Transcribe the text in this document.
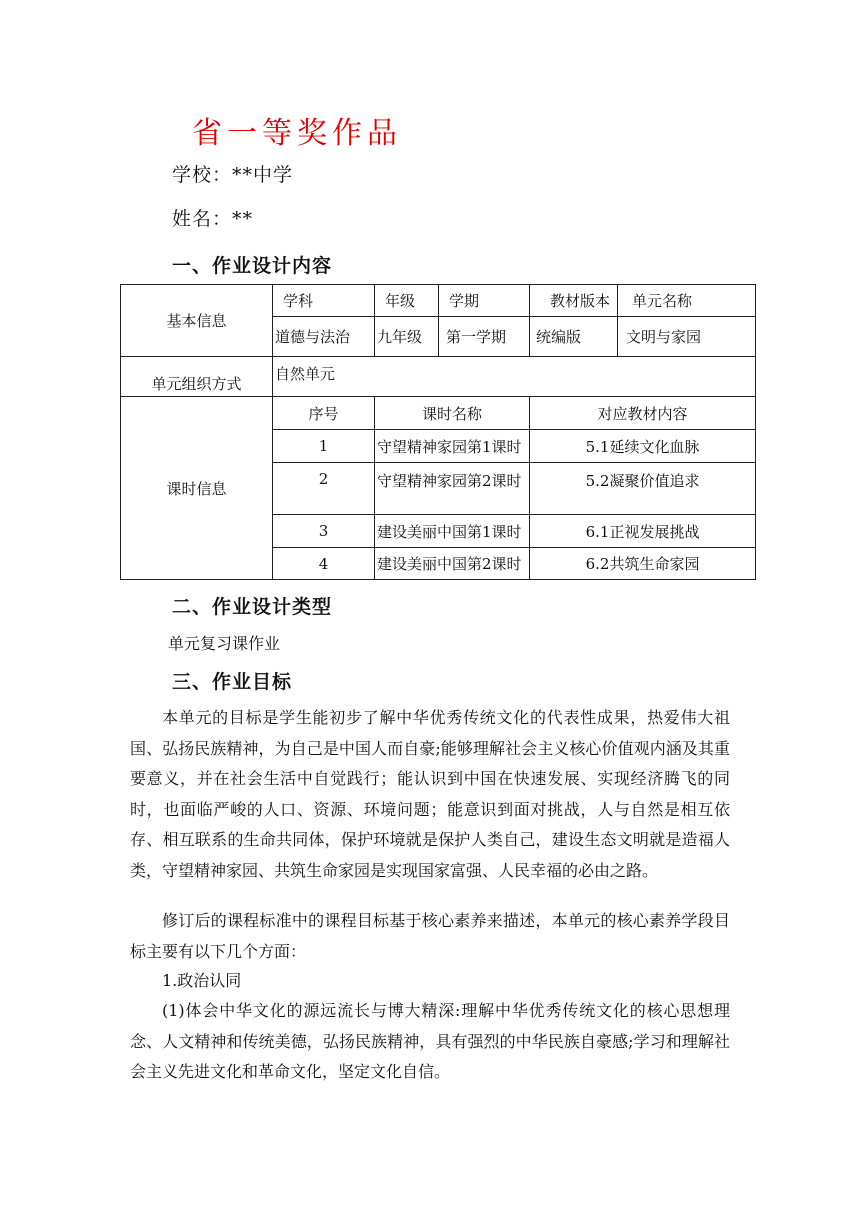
省一等奖作品
学校：**中学
姓名：**
一、作业设计内容
基本信息	学科	年级	学期	教材版本	单元名称
	道德与法治	九年级	第一学期	统编版	文明与家园
单元组织方式	自然单元				
课时信息	序号	课时名称		对应教材内容	
	1	守望精神家园第1课时		5.1延续文化血脉	
	2	守望精神家园第2课时		5.2凝聚价值追求	
	3	建设美丽中国第1课时		6.1正视发展挑战	
	4	建设美丽中国第2课时		6.2共筑生命家园	
二、作业设计类型
单元复习课作业
三、作业目标

本单元的目标是学生能初步了解中华优秀传统文化的代表性成果，热爱伟大祖国、弘扬民族精神，为自己是中国人而自豪;能够理解社会主义核心价值观内涵及其重要意义，并在社会生活中自觉践行；能认识到中国在快速发展、实现经济腾飞的同时，也面临严峻的人口、资源、环境问题；能意识到面对挑战，人与自然是相互依存、相互联系的生命共同体，保护环境就是保护人类自己，建设生态文明就是造福人类，守望精神家园、共筑生命家园是实现国家富强、人民幸福的必由之路。

修订后的课程标准中的课程目标基于核心素养来描述，本单元的核心素养学段目标主要有以下几个方面：

1.政治认同

(1)体会中华文化的源远流长与博大精深:理解中华优秀传统文化的核心思想理念、人文精神和传统美德，弘扬民族精神，具有强烈的中华民族自豪感;学习和理解社会主义先进文化和革命文化，坚定文化自信。
